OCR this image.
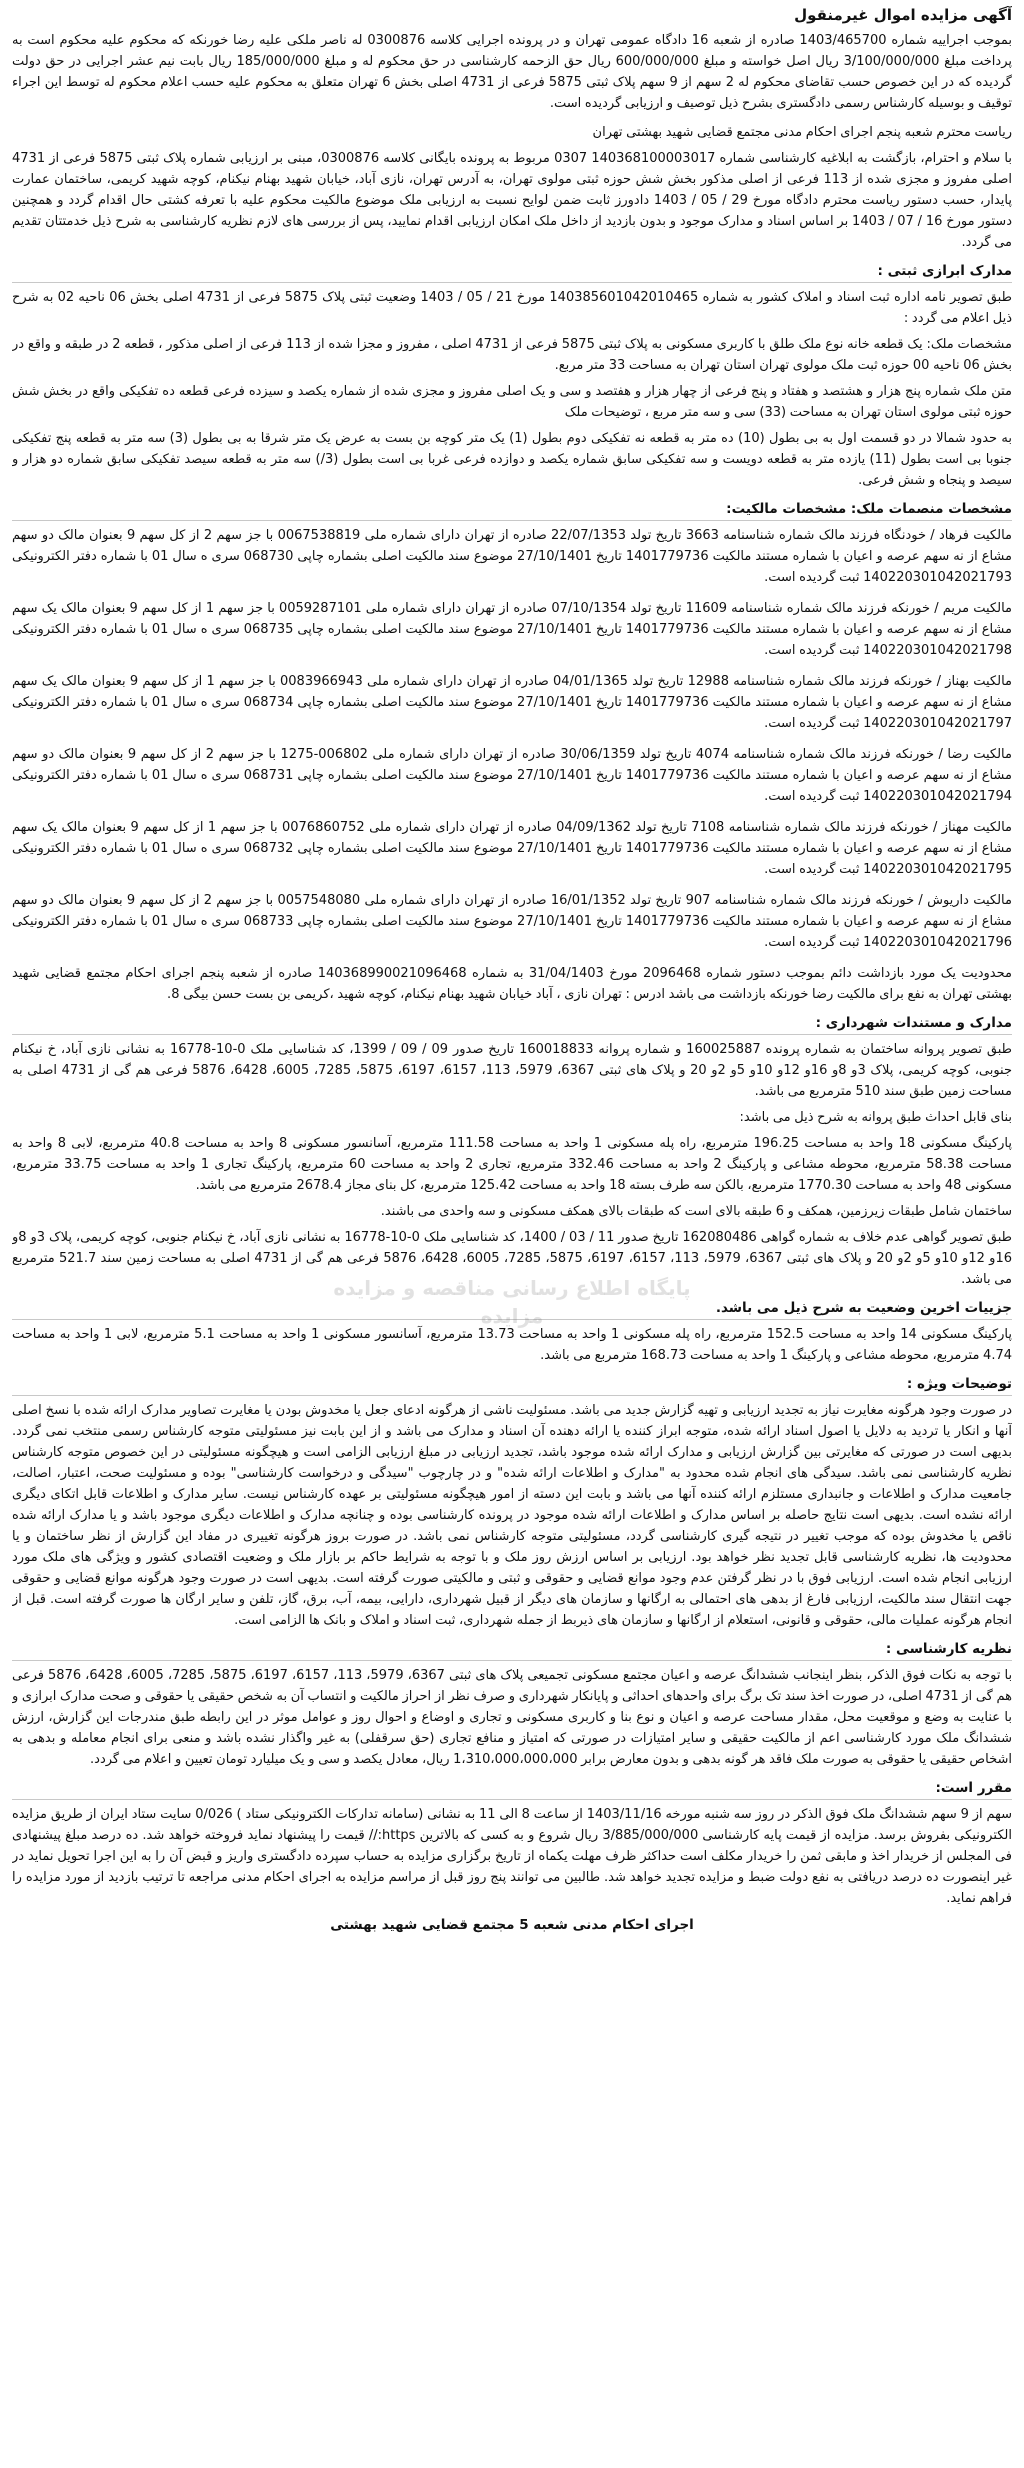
آگهی مزایده اموال غیرمنقول

بموجب اجراییه شماره 1403/465700 صادره از شعبه 16 دادگاه عمومی تهران و در پرونده اجرایی کلاسه 0300876 له ناصر ملکی علیه رضا خورنکه که محکوم علیه محکوم است به پرداخت مبلغ 3/100/000/000 ریال اصل خواسته و مبلغ 600/000/000 ریال حق الزحمه کارشناسی در حق محکوم له و مبلغ 185/000/000 ریال بابت نیم عشر اجرایی در حق دولت گردیده که در این خصوص حسب تقاضای محکوم له 2 سهم از 9 سهم پلاک ثبتی 5875 فرعی از 4731 اصلی بخش 6 تهران متعلق به محکوم علیه حسب اعلام محکوم له توسط این اجراء توقیف و بوسیله کارشناس رسمی دادگستری بشرح ذیل توصیف و ارزیابی گردیده است.

ریاست محترم شعبه پنجم اجرای احکام مدنی مجتمع قضایی شهید بهشتی تهران

با سلام و احترام، بازگشت به ابلاغیه کارشناسی شماره 140368100003017 0307 مربوط به پرونده بایگانی کلاسه 0300876، مبنی بر ارزیابی شماره پلاک ثبتی 5875 فرعی از 4731 اصلی مفروز و مجزی شده از 113 فرعی از اصلی مذکور بخش شش حوزه ثبتی مولوی تهران، به آدرس تهران، نازی آباد، خیابان شهید بهنام نیکنام، کوچه شهید کریمی، ساختمان عمارت پایدار، حسب دستور ریاست محترم دادگاه مورخ 29 / 05 / 1403 دادورز ثابت ضمن لوایح نسبت به ارزیابی ملک موضوع مالکیت محکوم علیه با تعرفه کشتی حال اقدام گردد و همچنین دستور مورخ 16 / 07 / 1403 بر اساس اسناد و مدارک موجود و بدون بازدید از داخل ملک امکان ارزیابی اقدام نمایید، پس از بررسی های لازم نظریه کارشناسی به شرح ذیل خدمتتان تقدیم می گردد.

مدارک ابرازی ثبتی :

طبق تصویر نامه اداره ثبت اسناد و املاک کشور به شماره 140385601042010465 مورخ 21 / 05 / 1403 وضعیت ثبتی پلاک 5875 فرعی از 4731 اصلی بخش 06 ناحیه 02 به شرح ذیل اعلام می گردد :

مشخصات ملک: یک قطعه خانه نوع ملک طلق با کاربری مسکونی به پلاک ثبتی 5875 فرعی از 4731 اصلی ، مفروز و مجزا شده از 113 فرعی از اصلی مذکور ، قطعه 2 در طبقه و واقع در بخش 06 ناحیه 00 حوزه ثبت ملک مولوی تهران استان تهران به مساحت 33 متر مربع.

متن ملک شماره پنج هزار و هشتصد و هفتاد و پنج فرعی از چهار هزار و هفتصد و سی و یک اصلی مفروز و مجزی شده از شماره یکصد و سیزده فرعی قطعه ده تفکیکی واقع در بخش شش حوزه ثبتی مولوی استان تهران به مساحت (33) سی و سه متر مربع ، توضیحات ملک

به حدود شمالا در دو قسمت اول به بی بطول (10) ده متر به قطعه نه تفکیکی دوم بطول (1) یک متر کوچه بن بست به عرض یک متر شرقا به بی بطول (3) سه متر به قطعه پنج تفکیکی جنوبا بی است بطول (11) یازده متر به قطعه دویست و سه تفکیکی سابق شماره یکصد و دوازده فرعی غربا بی است بطول (3/) سه متر به قطعه سیصد تفکیکی سابق شماره دو هزار و سیصد و پنجاه و شش فرعی.

مشخصات منصمات ملک: مشخصات مالکیت:

مالکیت فرهاد / خودنگاه فرزند مالک شماره شناسنامه 3663 تاریخ تولد 22/07/1353 صادره از تهران دارای شماره ملی 0067538819 با جز سهم 2 از کل سهم 9 بعنوان مالک دو سهم مشاع از نه سهم عرصه و اعیان با شماره مستند مالکیت 1401779736 تاریخ 27/10/1401 موضوع سند مالکیت اصلی بشماره چاپی 068730 سری ه سال 01 با شماره دفتر الکترونیکی 140220301042021793 ثبت گردیده است.

مالکیت مریم / خورنکه فرزند مالک شماره شناسنامه 11609 تاریخ تولد 07/10/1354 صادره از تهران دارای شماره ملی 0059287101 با جز سهم 1 از کل سهم 9 بعنوان مالک یک سهم مشاع از نه سهم عرصه و اعیان با شماره مستند مالکیت 1401779736 تاریخ 27/10/1401 موضوع سند مالکیت اصلی بشماره چاپی 068735 سری ه سال 01 با شماره دفتر الکترونیکی 140220301042021798 ثبت گردیده است.

مالکیت بهناز / خورنکه فرزند مالک شماره شناسنامه 12988 تاریخ تولد 04/01/1365 صادره از تهران دارای شماره ملی 0083966943 با جز سهم 1 از کل سهم 9 بعنوان مالک یک سهم مشاع از نه سهم عرصه و اعیان با شماره مستند مالکیت 1401779736 تاریخ 27/10/1401 موضوع سند مالکیت اصلی بشماره چاپی 068734 سری ه سال 01 با شماره دفتر الکترونیکی 140220301042021797 ثبت گردیده است.

مالکیت رضا / خورنکه فرزند مالک شماره شناسنامه 4074 تاریخ تولد 30/06/1359 صادره از تهران دارای شماره ملی 006802-1275 با جز سهم 2 از کل سهم 9 بعنوان مالک دو سهم مشاع از نه سهم عرصه و اعیان با شماره مستند مالکیت 1401779736 تاریخ 27/10/1401 موضوع سند مالکیت اصلی بشماره چاپی 068731 سری ه سال 01 با شماره دفتر الکترونیکی 140220301042021794 ثبت گردیده است.

مالکیت مهناز / خورنکه فرزند مالک شماره شناسنامه 7108 تاریخ تولد 04/09/1362 صادره از تهران دارای شماره ملی 0076860752 با جز سهم 1 از کل سهم 9 بعنوان مالک یک سهم مشاع از نه سهم عرصه و اعیان با شماره مستند مالکیت 1401779736 تاریخ 27/10/1401 موضوع سند مالکیت اصلی بشماره چاپی 068732 سری ه سال 01 با شماره دفتر الکترونیکی 140220301042021795 ثبت گردیده است.

مالکیت داریوش / خورنکه فرزند مالک شماره شناسنامه 907 تاریخ تولد 16/01/1352 صادره از تهران دارای شماره ملی 0057548080 با جز سهم 2 از کل سهم 9 بعنوان مالک دو سهم مشاع از نه سهم عرصه و اعیان با شماره مستند مالکیت 1401779736 تاریخ 27/10/1401 موضوع سند مالکیت اصلی بشماره چاپی 068733 سری ه سال 01 با شماره دفتر الکترونیکی 140220301042021796 ثبت گردیده است.

محدودیت یک مورد بازداشت دائم بموجب دستور شماره 2096468 مورخ 31/04/1403 به شماره 140368990021096468 صادره از شعبه پنجم اجرای احکام مجتمع قضایی شهید بهشتی تهران به نفع برای مالکیت رضا خورنکه بازداشت می باشد ادرس : تهران نازی ، آباد خیابان شهید بهنام نیکنام، کوچه شهید ،کریمی بن بست حسن بیگی 8.

مدارک و مستندات شهرداری :

طبق تصویر پروانه ساختمان به شماره پرونده 160025887 و شماره پروانه 160018833 تاریخ صدور 09 / 09 / 1399، کد شناسایی ملک 0-10-16778 به نشانی نازی آباد، خ نیکنام جنوبی، کوچه کریمی، پلاک 3و 8و 16و 12و 10و 5و 2و 20 و پلاک های ثبتی 6367، 5979، 113، 6157، 6197، 5875، 7285، 6005، 6428، 5876 فرعی هم گی از 4731 اصلی به مساحت زمین طبق سند 510 مترمربع می باشد.

بنای قابل احداث طبق پروانه به شرح ذیل می باشد:

پارکینگ مسکونی 18 واحد به مساحت 196.25 مترمربع، راه پله مسکونی 1 واحد به مساحت 111.58 مترمربع، آسانسور مسکونی 8 واحد به مساحت 40.8 مترمربع، لابی 8 واحد به مساحت 58.38 مترمربع، محوطه مشاعی و پارکینگ 2 واحد به مساحت 332.46 مترمربع، تجاری 2 واحد به مساحت 60 مترمربع، پارکینگ تجاری 1 واحد به مساحت 33.75 مترمربع، مسکونی 48 واحد به مساحت 1770.30 مترمربع، بالکن سه طرف بسته 18 واحد به مساحت 125.42 مترمربع، کل بنای مجاز 2678.4 مترمربع می باشد.

ساختمان شامل طبقات زیرزمین، همکف و 6 طبقه بالای است که طبقات بالای همکف مسکونی و سه واحدی می باشند.

طبق تصویر گواهی عدم خلاف به شماره گواهی 162080486 تاریخ صدور 11 / 03 / 1400، کد شناسایی ملک 0-10-16778 به نشانی نازی آباد، خ نیکنام جنوبی، کوچه کریمی، پلاک 3و 8و 16و 12و 10و 5و 2و 20 و پلاک های ثبتی 6367، 5979، 113، 6157، 6197، 5875، 7285، 6005، 6428، 5876 فرعی هم گی از 4731 اصلی به مساحت زمین سند 521.7 مترمربع می باشد.

جزییات اخرین وضعیت به شرح ذیل می باشد.

پارکینگ مسکونی 14 واحد به مساحت 152.5 مترمربع، راه پله مسکونی 1 واحد به مساحت 13.73 مترمربع، آسانسور مسکونی 1 واحد به مساحت 5.1 مترمربع، لابی 1 واحد به مساحت 4.74 مترمربع، محوطه مشاعی و پارکینگ 1 واحد به مساحت 168.73 مترمربع می باشد.

توضیحات ویژه :

در صورت وجود هرگونه مغایرت نیاز به تجدید ارزیابی و تهیه گزارش جدید می باشد. مسئولیت ناشی از هرگونه ادعای جعل یا مخدوش بودن یا مغایرت تصاویر مدارک ارائه شده با نسخ اصلی آنها و انکار یا تردید به دلایل یا اصول اسناد ارائه شده، متوجه ابراز کننده یا ارائه دهنده آن اسناد و مدارک می باشد و از این بابت نیز مسئولیتی متوجه کارشناس رسمی منتخب نمی گردد. بدیهی است در صورتی که مغایرتی بین گزارش ارزیابی و مدارک ارائه شده موجود باشد، تجدید ارزیابی در مبلغ ارزیابی الزامی است و هیچگونه مسئولیتی در این خصوص متوجه کارشناس نظریه کارشناسی نمی باشد. سیدگی های انجام شده محدود به "مدارک و اطلاعات ارائه شده" و در چارچوب "سیدگی و درخواست کارشناسی" بوده و مسئولیت صحت، اعتبار، اصالت، جامعیت مدارک و اطلاعات و جانبداری مستلزم ارائه کننده آنها می باشد و بابت این دسته از امور هیچگونه مسئولیتی بر عهده کارشناس نیست. سایر مدارک و اطلاعات قابل اتکای دیگری ارائه نشده است. بدیهی است نتایج حاصله بر اساس مدارک و اطلاعات ارائه شده موجود در پرونده کارشناسی بوده و چنانچه مدارک و اطلاعات دیگری موجود باشد و یا مدارک ارائه شده ناقص یا مخدوش بوده که موجب تغییر در نتیجه گیری کارشناسی گردد، مسئولیتی متوجه کارشناس نمی باشد. در صورت بروز هرگونه تغییری در مفاد این گزارش از نظر ساختمان و یا محدودیت ها، نظریه کارشناسی قابل تجدید نظر خواهد بود. ارزیابی بر اساس ارزش روز ملک و با توجه به شرایط حاکم بر بازار ملک و وضعیت اقتصادی کشور و ویژگی های ملک مورد ارزیابی انجام شده است. ارزیابی فوق با در نظر گرفتن عدم وجود موانع قضایی و حقوقی و ثبتی و مالکیتی صورت گرفته است. بدیهی است در صورت وجود هرگونه موانع قضایی و حقوقی جهت انتقال سند مالکیت، ارزیابی فارغ از بدهی های احتمالی به ارگانها و سازمان های دیگر از قبیل شهرداری، دارایی، بیمه، آب، برق، گاز، تلفن و سایر ارگان ها صورت گرفته است. قبل از انجام هرگونه عملیات مالی، حقوقی و قانونی، استعلام از ارگانها و سازمان های ذیربط از جمله شهرداری، ثبت اسناد و املاک و بانک ها الزامی است.

نظریه کارشناسی :

با توجه به نکات فوق الذکر، بنظر اینجانب ششدانگ عرصه و اعیان مجتمع مسکونی تجمیعی پلاک های ثبتی 6367، 5979، 113، 6157، 6197، 5875، 7285، 6005، 6428، 5876 فرعی هم گی از 4731 اصلی، در صورت اخذ سند تک برگ برای واحدهای احداثی و پایانکار شهرداری و صرف نظر از احراز مالکیت و انتساب آن به شخص حقیقی یا حقوقی و صحت مدارک ابرازی و با عنایت به وضع و موقعیت محل، مقدار مساحت عرصه و اعیان و نوع بنا و کاربری مسکونی و تجاری و اوضاع و احوال روز و عوامل موثر در این رابطه طبق مندرجات این گزارش، ارزش ششدانگ ملک مورد کارشناسی اعم از مالکیت حقیقی و سایر امتیازات در صورتی که امتیاز و منافع تجاری (حق سرقفلی) به غیر واگذار نشده باشد و منعی برای انجام معامله و بدهی به اشخاص حقیقی یا حقوقی به صورت ملک فاقد هر گونه بدهی و بدون معارض برابر 1،310،000،000،000 ریال، معادل یکصد و سی و یک میلیارد تومان تعیین و اعلام می گردد.

مقرر است:

سهم از 9 سهم ششدانگ ملک فوق الذکر در روز سه شنبه مورخه 1403/11/16 از ساعت 8 الی 11 به نشانی (سامانه تدارکات الکترونیکی ستاد ) 0/026 سایت ستاد ایران از طریق مزایده الکترونیکی بفروش برسد. مزایده از قیمت پایه کارشناسی 3/885/000/000 ریال شروع و به کسی که بالاترین https:// قیمت را پیشنهاد نماید فروخته خواهد شد. ده درصد مبلغ پیشنهادی فی المجلس از خریدار اخذ و مابقی ثمن را خریدار مکلف است حداکثر ظرف مهلت یکماه از تاریخ برگزاری مزایده به حساب سپرده دادگستری واریز و قبض آن را به این اجرا تحویل نماید در غیر اینصورت ده درصد دریافتی به نفع دولت ضبط و مزایده تجدید خواهد شد. طالبین می توانند پنج روز قبل از مراسم مزایده به اجرای احکام مدنی مراجعه تا ترتیب بازدید از مورد مزایده را فراهم نماید.

اجرای احکام مدنی شعبه 5 مجتمع قضایی شهید بهشتی
پایگاه اطلاع رسانی مناقصه و مزایده
مزایده
